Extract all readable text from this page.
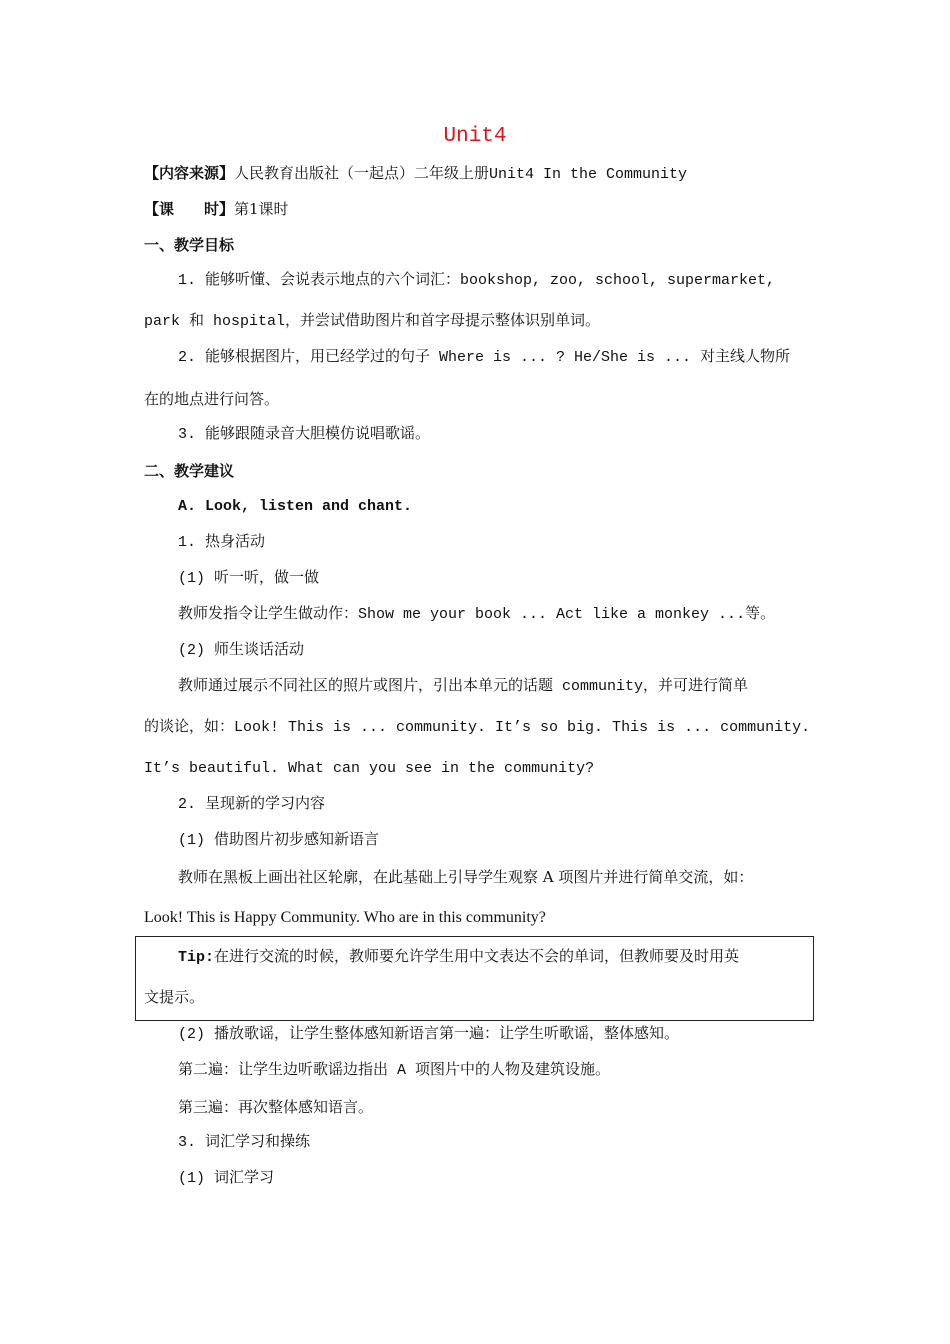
Unit4
【内容来源】人民教育出版社（一起点）二年级上册Unit4 In the Community
【课　　时】第1课时
一、教学目标
1. 能够听懂、会说表示地点的六个词汇：bookshop, zoo, school, supermarket,
park 和 hospital，并尝试借助图片和首字母提示整体识别单词。
2. 能够根据图片，用已经学过的句子 Where is ... ? He/She is ... 对主线人物所
在的地点进行问答。
3. 能够跟随录音大胆模仿说唱歌谣。
二、教学建议
A. Look, listen and chant.
1. 热身活动
(1) 听一听，做一做
教师发指令让学生做动作：Show me your book ... Act like a monkey ...等。
(2) 师生谈话活动
教师通过展示不同社区的照片或图片，引出本单元的话题 community，并可进行简单
的谈论，如：Look! This is ... community. It’s so big. This is ... community.
It’s beautiful. What can you see in the community?
2. 呈现新的学习内容
(1) 借助图片初步感知新语言
教师在黑板上画出社区轮廓，在此基础上引导学生观察 A 项图片并进行简单交流，如：
Look! This is Happy Community. Who are in this community?
Tip:在进行交流的时候，教师要允许学生用中文表达不会的单词，但教师要及时用英
文提示。
(2) 播放歌谣，让学生整体感知新语言第一遍：让学生听歌谣，整体感知。
第二遍：让学生边听歌谣边指出 A 项图片中的人物及建筑设施。
第三遍：再次整体感知语言。
3. 词汇学习和操练
(1) 词汇学习
